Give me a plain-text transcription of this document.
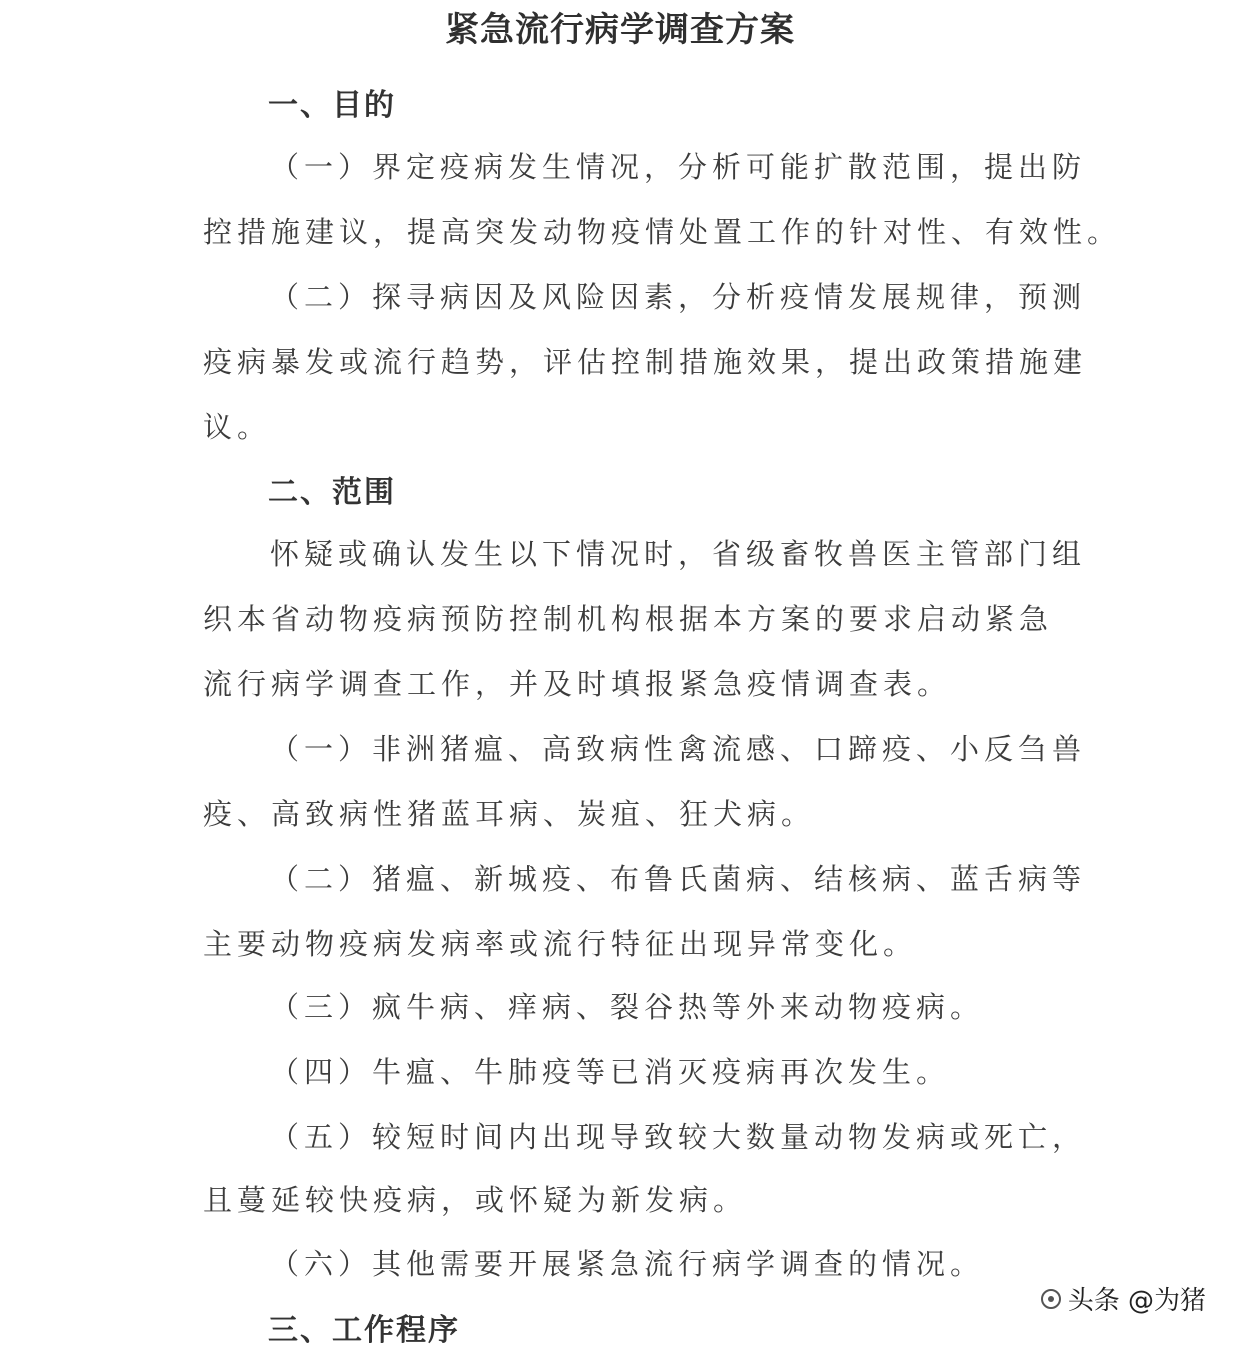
紧急流行病学调查方案
一、目的
（一）界定疫病发生情况，分析可能扩散范围，提出防
控措施建议，提高突发动物疫情处置工作的针对性、有效性。
（二）探寻病因及风险因素，分析疫情发展规律，预测
疫病暴发或流行趋势，评估控制措施效果，提出政策措施建
议。
二、范围
怀疑或确认发生以下情况时，省级畜牧兽医主管部门组
织本省动物疫病预防控制机构根据本方案的要求启动紧急
流行病学调查工作，并及时填报紧急疫情调查表。
（一）非洲猪瘟、高致病性禽流感、口蹄疫、小反刍兽
疫、高致病性猪蓝耳病、炭疽、狂犬病。
（二）猪瘟、新城疫、布鲁氏菌病、结核病、蓝舌病等
主要动物疫病发病率或流行特征出现异常变化。
（三）疯牛病、痒病、裂谷热等外来动物疫病。
（四）牛瘟、牛肺疫等已消灭疫病再次发生。
（五）较短时间内出现导致较大数量动物发病或死亡，
且蔓延较快疫病，或怀疑为新发病。
（六）其他需要开展紧急流行病学调查的情况。
三、工作程序
头条 @为猪
